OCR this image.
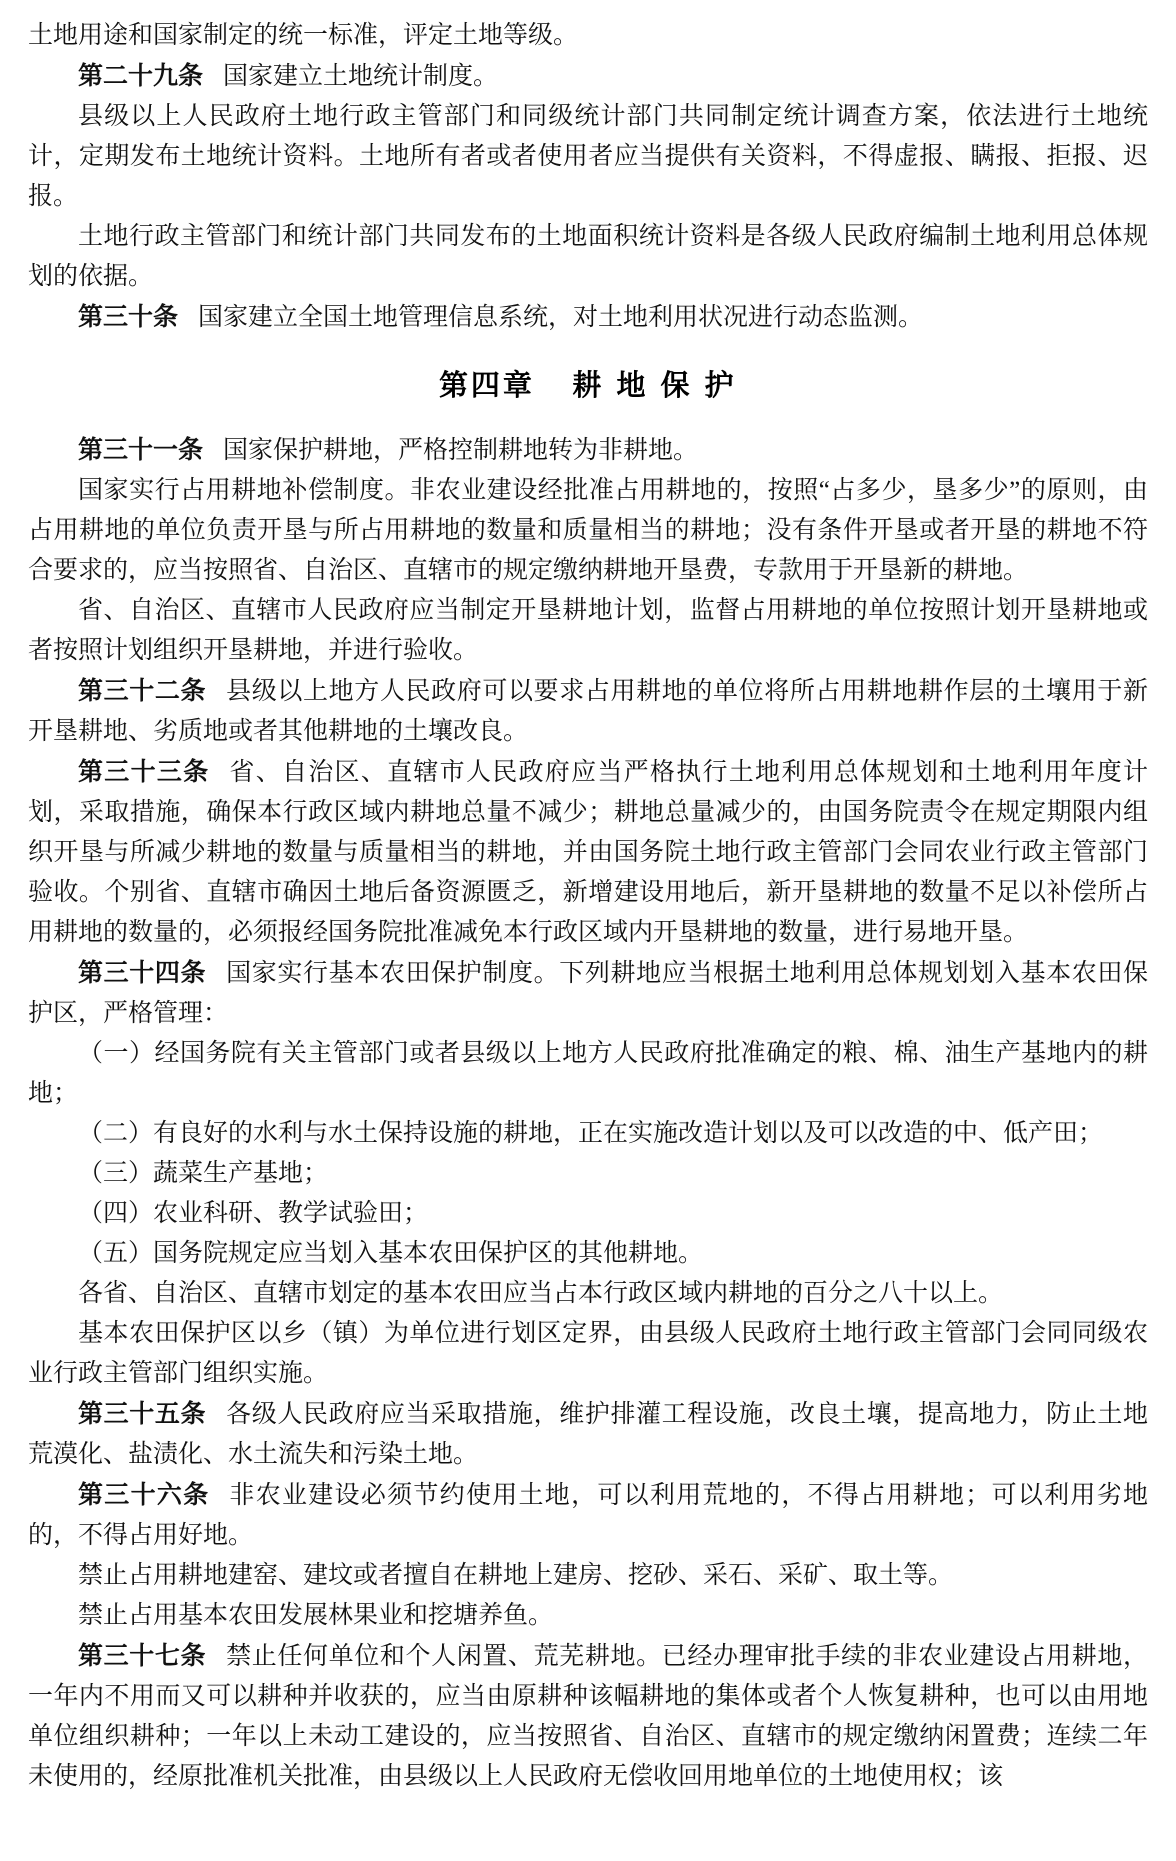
土地用途和国家制定的统一标准，评定土地等级。

第二十九条 国家建立土地统计制度。

县级以上人民政府土地行政主管部门和同级统计部门共同制定统计调查方案，依法进行土地统计，定期发布土地统计资料。土地所有者或者使用者应当提供有关资料，不得虚报、瞒报、拒报、迟报。

土地行政主管部门和统计部门共同发布的土地面积统计资料是各级人民政府编制土地利用总体规划的依据。

第三十条 国家建立全国土地管理信息系统，对土地利用状况进行动态监测。

第四章 耕 地 保 护

第三十一条 国家保护耕地，严格控制耕地转为非耕地。

国家实行占用耕地补偿制度。非农业建设经批准占用耕地的，按照“占多少，垦多少”的原则，由占用耕地的单位负责开垦与所占用耕地的数量和质量相当的耕地；没有条件开垦或者开垦的耕地不符合要求的，应当按照省、自治区、直辖市的规定缴纳耕地开垦费，专款用于开垦新的耕地。

省、自治区、直辖市人民政府应当制定开垦耕地计划，监督占用耕地的单位按照计划开垦耕地或者按照计划组织开垦耕地，并进行验收。

第三十二条 县级以上地方人民政府可以要求占用耕地的单位将所占用耕地耕作层的土壤用于新开垦耕地、劣质地或者其他耕地的土壤改良。

第三十三条 省、自治区、直辖市人民政府应当严格执行土地利用总体规划和土地利用年度计划，采取措施，确保本行政区域内耕地总量不减少；耕地总量减少的，由国务院责令在规定期限内组织开垦与所减少耕地的数量与质量相当的耕地，并由国务院土地行政主管部门会同农业行政主管部门验收。个别省、直辖市确因土地后备资源匮乏，新增建设用地后，新开垦耕地的数量不足以补偿所占用耕地的数量的，必须报经国务院批准减免本行政区域内开垦耕地的数量，进行易地开垦。

第三十四条 国家实行基本农田保护制度。下列耕地应当根据土地利用总体规划划入基本农田保护区，严格管理：

（一）经国务院有关主管部门或者县级以上地方人民政府批准确定的粮、棉、油生产基地内的耕地；

（二）有良好的水利与水土保持设施的耕地，正在实施改造计划以及可以改造的中、低产田；

（三）蔬菜生产基地；

（四）农业科研、教学试验田；

（五）国务院规定应当划入基本农田保护区的其他耕地。

各省、自治区、直辖市划定的基本农田应当占本行政区域内耕地的百分之八十以上。

基本农田保护区以乡（镇）为单位进行划区定界，由县级人民政府土地行政主管部门会同同级农业行政主管部门组织实施。

第三十五条 各级人民政府应当采取措施，维护排灌工程设施，改良土壤，提高地力，防止土地荒漠化、盐渍化、水土流失和污染土地。

第三十六条 非农业建设必须节约使用土地，可以利用荒地的，不得占用耕地；可以利用劣地的，不得占用好地。

禁止占用耕地建窑、建坟或者擅自在耕地上建房、挖砂、采石、采矿、取土等。

禁止占用基本农田发展林果业和挖塘养鱼。

第三十七条 禁止任何单位和个人闲置、荒芜耕地。已经办理审批手续的非农业建设占用耕地，一年内不用而又可以耕种并收获的，应当由原耕种该幅耕地的集体或者个人恢复耕种，也可以由用地单位组织耕种；一年以上未动工建设的，应当按照省、自治区、直辖市的规定缴纳闲置费；连续二年未使用的，经原批准机关批准，由县级以上人民政府无偿收回用地单位的土地使用权；该
